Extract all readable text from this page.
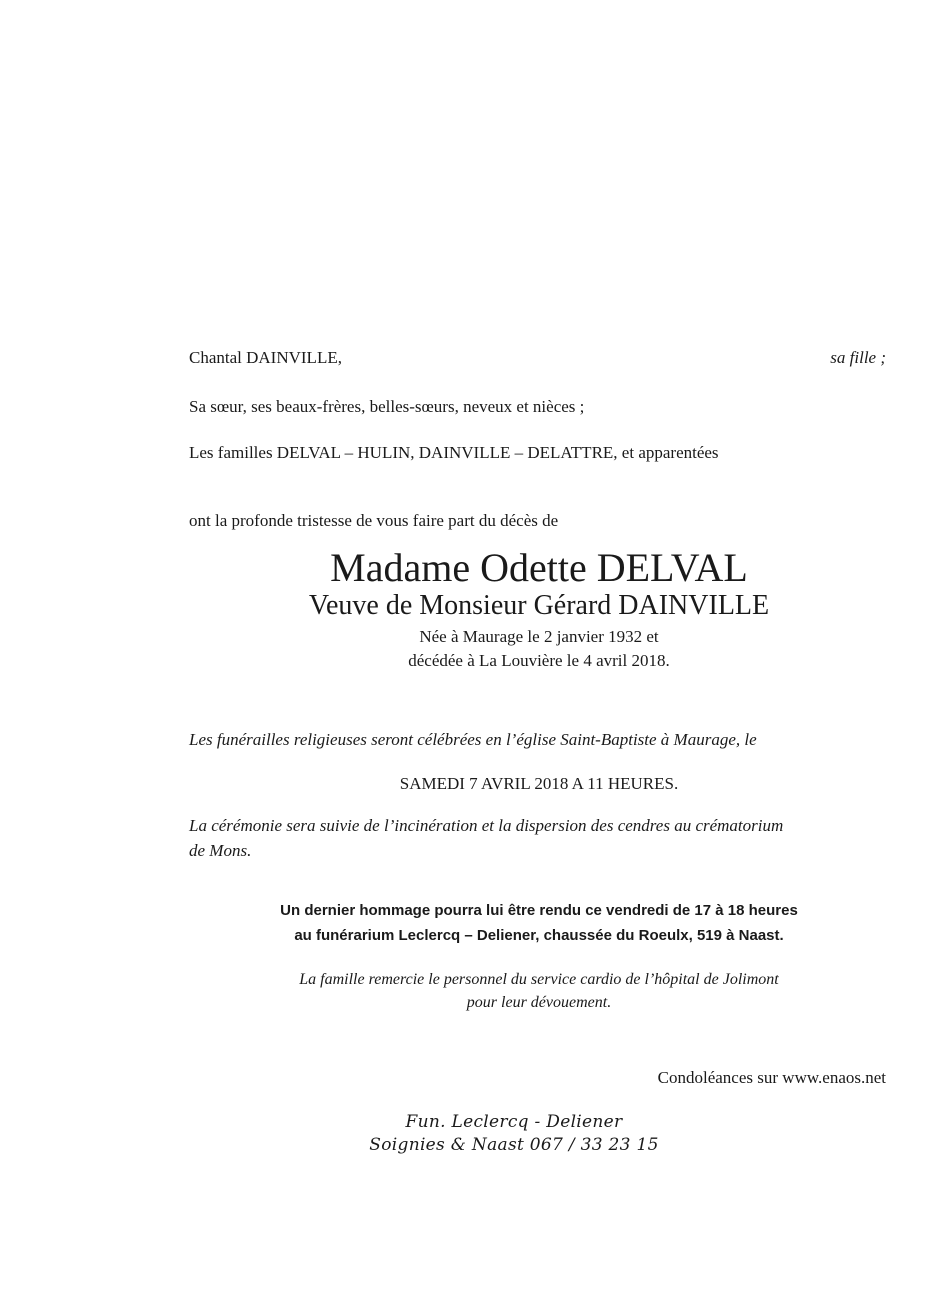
Chantal DAINVILLE,	sa fille ;
Sa sœur, ses beaux-frères, belles-sœurs, neveux et nièces ;
Les familles DELVAL – HULIN, DAINVILLE – DELATTRE, et apparentées
ont la profonde tristesse de vous faire part du décès de
Madame Odette DELVAL
Veuve de Monsieur Gérard DAINVILLE
Née à Maurage le 2 janvier 1932 et
décédée à La Louvière le 4 avril 2018.
Les funérailles religieuses seront célébrées en l’église Saint-Baptiste à Maurage, le
SAMEDI 7 AVRIL 2018 A 11 HEURES.
La cérémonie sera suivie de l’incinération et la dispersion des cendres au crématorium
de Mons.
Un dernier hommage pourra lui être rendu ce vendredi de 17 à 18 heures
au funérarium Leclercq – Deliener, chaussée du Roeulx, 519 à Naast.
La famille remercie le personnel du service cardio de l’hôpital de Jolimont
pour leur dévouement.
Condoléances sur www.enaos.net
Fun. Leclercq - Deliener
Soignies & Naast 067 / 33 23 15
